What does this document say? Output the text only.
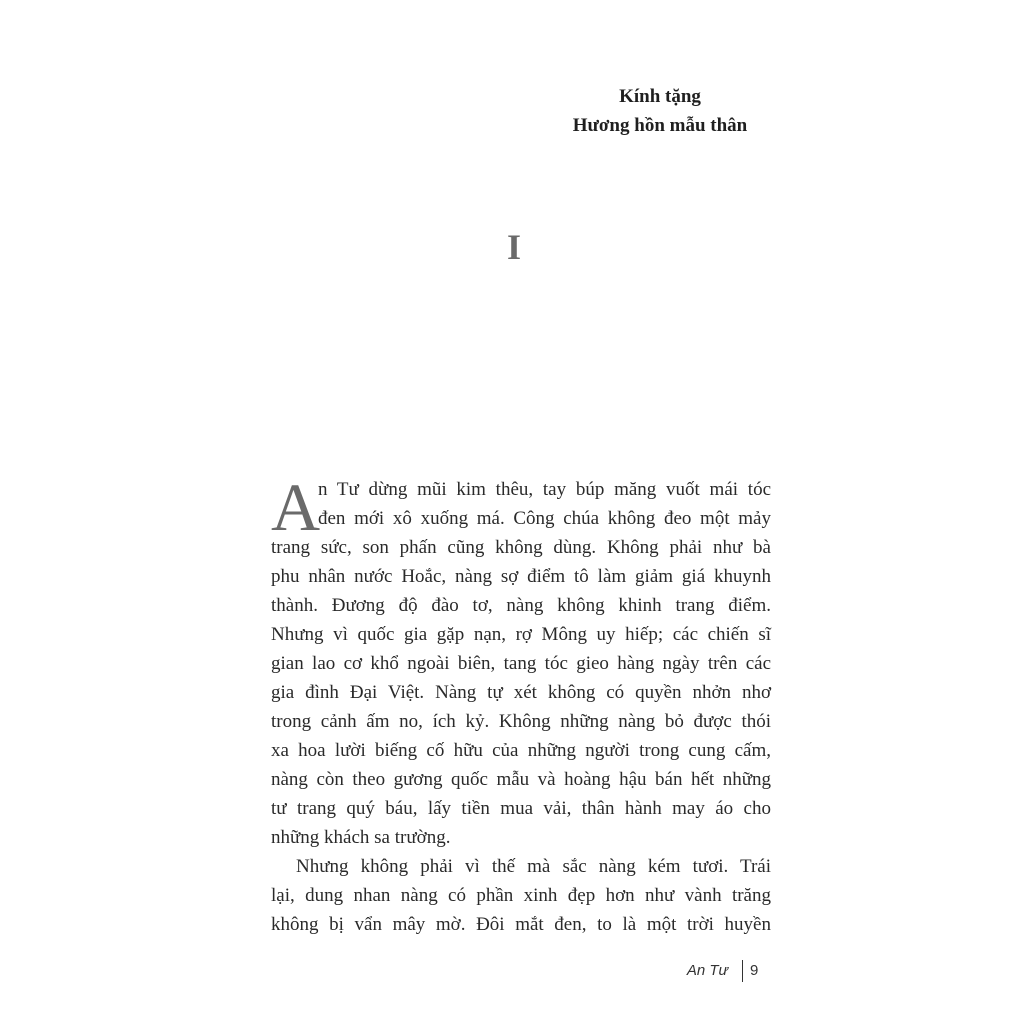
Kính tặng
Hương hồn mẫu thân
I
A
n Tư dừng mũi kim thêu, tay búp măng vuốt mái tóc
đen mới xô xuống má. Công chúa không đeo một mảy
trang sức, son phấn cũng không dùng. Không phải như bà
phu nhân nước Hoắc, nàng sợ điểm tô làm giảm giá khuynh
thành. Đương độ đào tơ, nàng không khinh trang điểm.
Nhưng vì quốc gia gặp nạn, rợ Mông uy hiếp; các chiến sĩ
gian lao cơ khổ ngoài biên, tang tóc gieo hàng ngày trên các
gia đình Đại Việt. Nàng tự xét không có quyền nhởn nhơ
trong cảnh ấm no, ích kỷ. Không những nàng bỏ được thói
xa hoa lười biếng cố hữu của những người trong cung cấm,
nàng còn theo gương quốc mẫu và hoàng hậu bán hết những
tư trang quý báu, lấy tiền mua vải, thân hành may áo cho
những khách sa trường.
Nhưng không phải vì thế mà sắc nàng kém tươi. Trái
lại, dung nhan nàng có phần xinh đẹp hơn như vành trăng
không bị vẩn mây mờ. Đôi mắt đen, to là một trời huyền
An Tư 9
